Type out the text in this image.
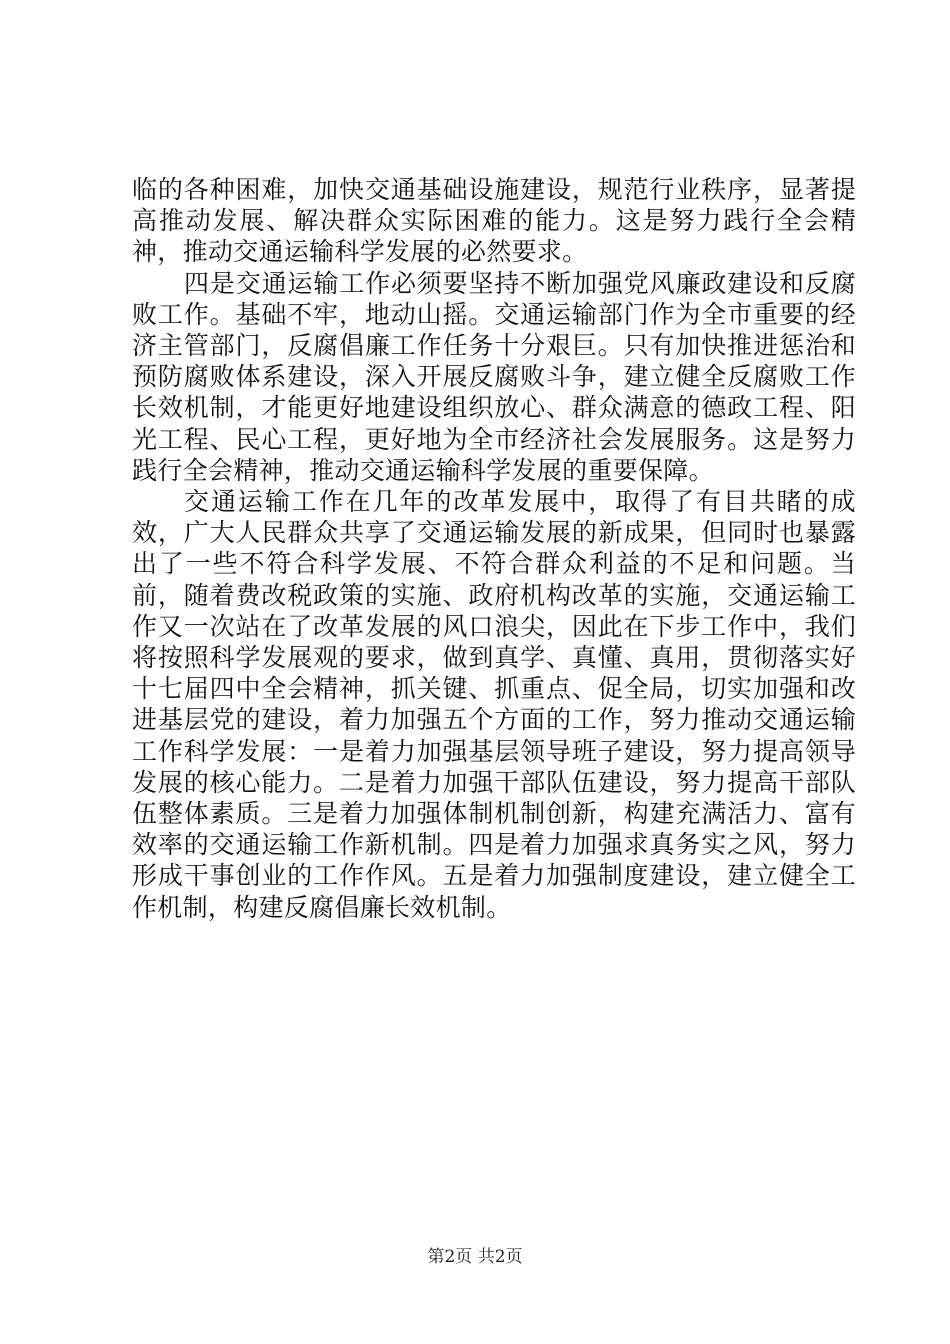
临的各种困难，加快交通基础设施建设，规范行业秩序，显著提高推动发展、解决群众实际困难的能力。这是努力践行全会精神，推动交通运输科学发展的必然要求。

四是交通运输工作必须要坚持不断加强党风廉政建设和反腐败工作。基础不牢，地动山摇。交通运输部门作为全市重要的经济主管部门，反腐倡廉工作任务十分艰巨。只有加快推进惩治和预防腐败体系建设，深入开展反腐败斗争，建立健全反腐败工作长效机制，才能更好地建设组织放心、群众满意的德政工程、阳光工程、民心工程，更好地为全市经济社会发展服务。这是努力践行全会精神，推动交通运输科学发展的重要保障。

交通运输工作在几年的改革发展中，取得了有目共睹的成效，广大人民群众共享了交通运输发展的新成果，但同时也暴露出了一些不符合科学发展、不符合群众利益的不足和问题。当前，随着费改税政策的实施、政府机构改革的实施，交通运输工作又一次站在了改革发展的风口浪尖，因此在下步工作中，我们将按照科学发展观的要求，做到真学、真懂、真用，贯彻落实好十七届四中全会精神，抓关键、抓重点、促全局，切实加强和改进基层党的建设，着力加强五个方面的工作，努力推动交通运输工作科学发展：一是着力加强基层领导班子建设，努力提高领导发展的核心能力。二是着力加强干部队伍建设，努力提高干部队伍整体素质。三是着力加强体制机制创新，构建充满活力、富有效率的交通运输工作新机制。四是着力加强求真务实之风，努力形成干事创业的工作作风。五是着力加强制度建设，建立健全工作机制，构建反腐倡廉长效机制。

第2页 共2页
